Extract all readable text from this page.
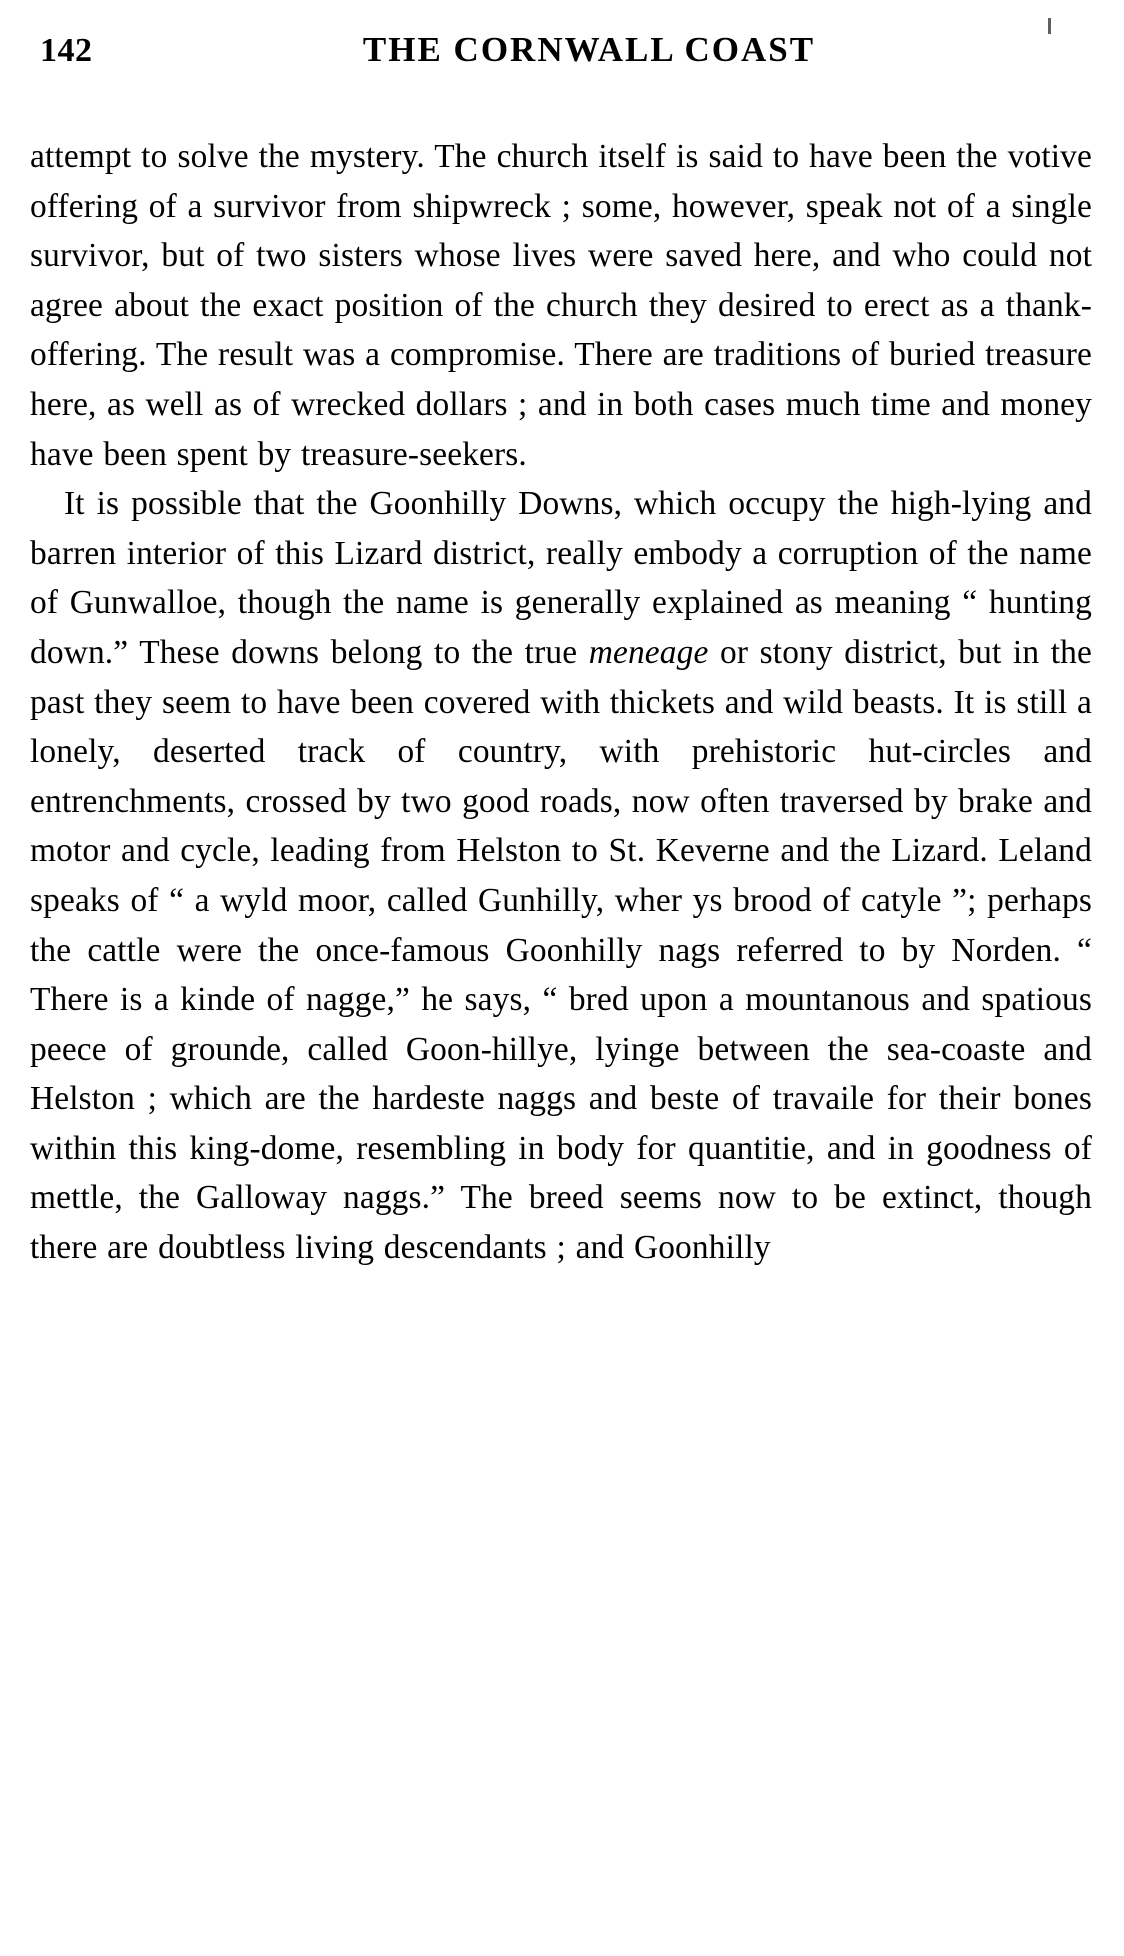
142	THE CORNWALL COAST

attempt to solve the mystery. The church itself is said to have been the votive offering of a survivor from shipwreck ; some, however, speak not of a single survivor, but of two sisters whose lives were saved here, and who could not agree about the exact position of the church they desired to erect as a thank-offering. The result was a compromise. There are traditions of buried treasure here, as well as of wrecked dollars ; and in both cases much time and money have been spent by treasure-seekers.

It is possible that the Goonhilly Downs, which occupy the high-lying and barren interior of this Lizard district, really embody a corruption of the name of Gunwalloe, though the name is generally explained as meaning “ hunting down.” These downs belong to the true meneage or stony district, but in the past they seem to have been covered with thickets and wild beasts. It is still a lonely, deserted track of country, with prehistoric hut-circles and entrenchments, crossed by two good roads, now often traversed by brake and motor and cycle, leading from Helston to St. Keverne and the Lizard. Leland speaks of “ a wyld moor, called Gunhilly, wher ys brood of catyle ”; perhaps the cattle were the once-famous Goonhilly nags referred to by Norden. “ There is a kinde of nagge,” he says, “ bred upon a mountanous and spatious peece of grounde, called Goon-hillye, lyinge between the sea-coaste and Helston ; which are the hardeste naggs and beste of travaile for their bones within this king-dome, resembling in body for quantitie, and in goodness of mettle, the Galloway naggs.” The breed seems now to be extinct, though there are doubtless living descendants ; and Goonhilly
